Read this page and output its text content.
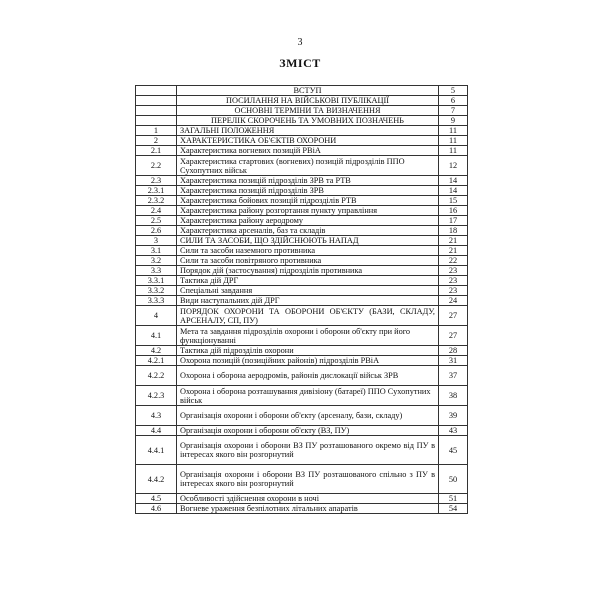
3
ЗМІСТ
	ВСТУП	5
	ПОСИЛАННЯ НА ВІЙСЬКОВІ ПУБЛІКАЦІЇ	6
	ОСНОВНІ ТЕРМІНИ ТА ВИЗНАЧЕННЯ	7
	ПЕРЕЛІК СКОРОЧЕНЬ ТА УМОВНИХ ПОЗНАЧЕНЬ	9
1	ЗАГАЛЬНІ ПОЛОЖЕННЯ	11
2	ХАРАКТЕРИСТИКА ОБ'ЄКТІВ ОХОРОНИ	11
2.1	Характеристика вогневих позицій РВіА	11
2.2	Характеристика стартових (вогневих) позицій підрозділів ППО Сухопутних військ	12
2.3	Характеристика позицій підрозділів ЗРВ та РТВ	14
2.3.1	Характеристика позицій підрозділів ЗРВ	14
2.3.2	Характеристика бойових позицій підрозділів РТВ	15
2.4	Характеристика району розгортання пункту управління	16
2.5	Характеристика району аеродрому	17
2.6	Характеристика арсеналів, баз та складів	18
3	СИЛИ ТА ЗАСОБИ, ЩО ЗДІЙСНЮЮТЬ НАПАД	21
3.1	Сили та засоби наземного противника	21
3.2	Сили та засоби повітряного противника	22
3.3	Порядок дій (застосування) підрозділів противника	23
3.3.1	Тактика дій ДРГ	23
3.3.2	Спеціальні завдання	23
3.3.3	Види наступальних дій ДРГ	24
4	ПОРЯДОК ОХОРОНИ ТА ОБОРОНИ ОБ'ЄКТУ (БАЗИ, СКЛАДУ, АРСЕНАЛУ, СП, ПУ)	27
4.1	Мета та завдання підрозділів охорони і оборони об'єкту при його функціонуванні	27
4.2	Тактика дій підрозділів охорони	28
4.2.1	Охорона позицій (позиційних районів) підрозділів РВіА	31
4.2.2	Охорона і оборона аеродромів, районів дислокації військ ЗРВ	37
4.2.3	Охорона і оборона розташування дивізіону (батареї) ППО Сухопутних військ	38
4.3	Організація охорони і оборони об'єкту (арсеналу, бази, складу)	39
4.4	Організація охорони і оборони об'єкту (ВЗ, ПУ)	43
4.4.1	Організація охорони і оборони ВЗ ПУ розташованого окремо від ПУ в інтересах якого він розгорнутий	45
4.4.2	Організація охорони і оборони ВЗ ПУ розташованого спільно з ПУ в інтересах якого він розгорнутий	50
4.5	Особливості здійснення охорони в ночі	51
4.6	Вогневе ураження безпілотних літальних апаратів	54
